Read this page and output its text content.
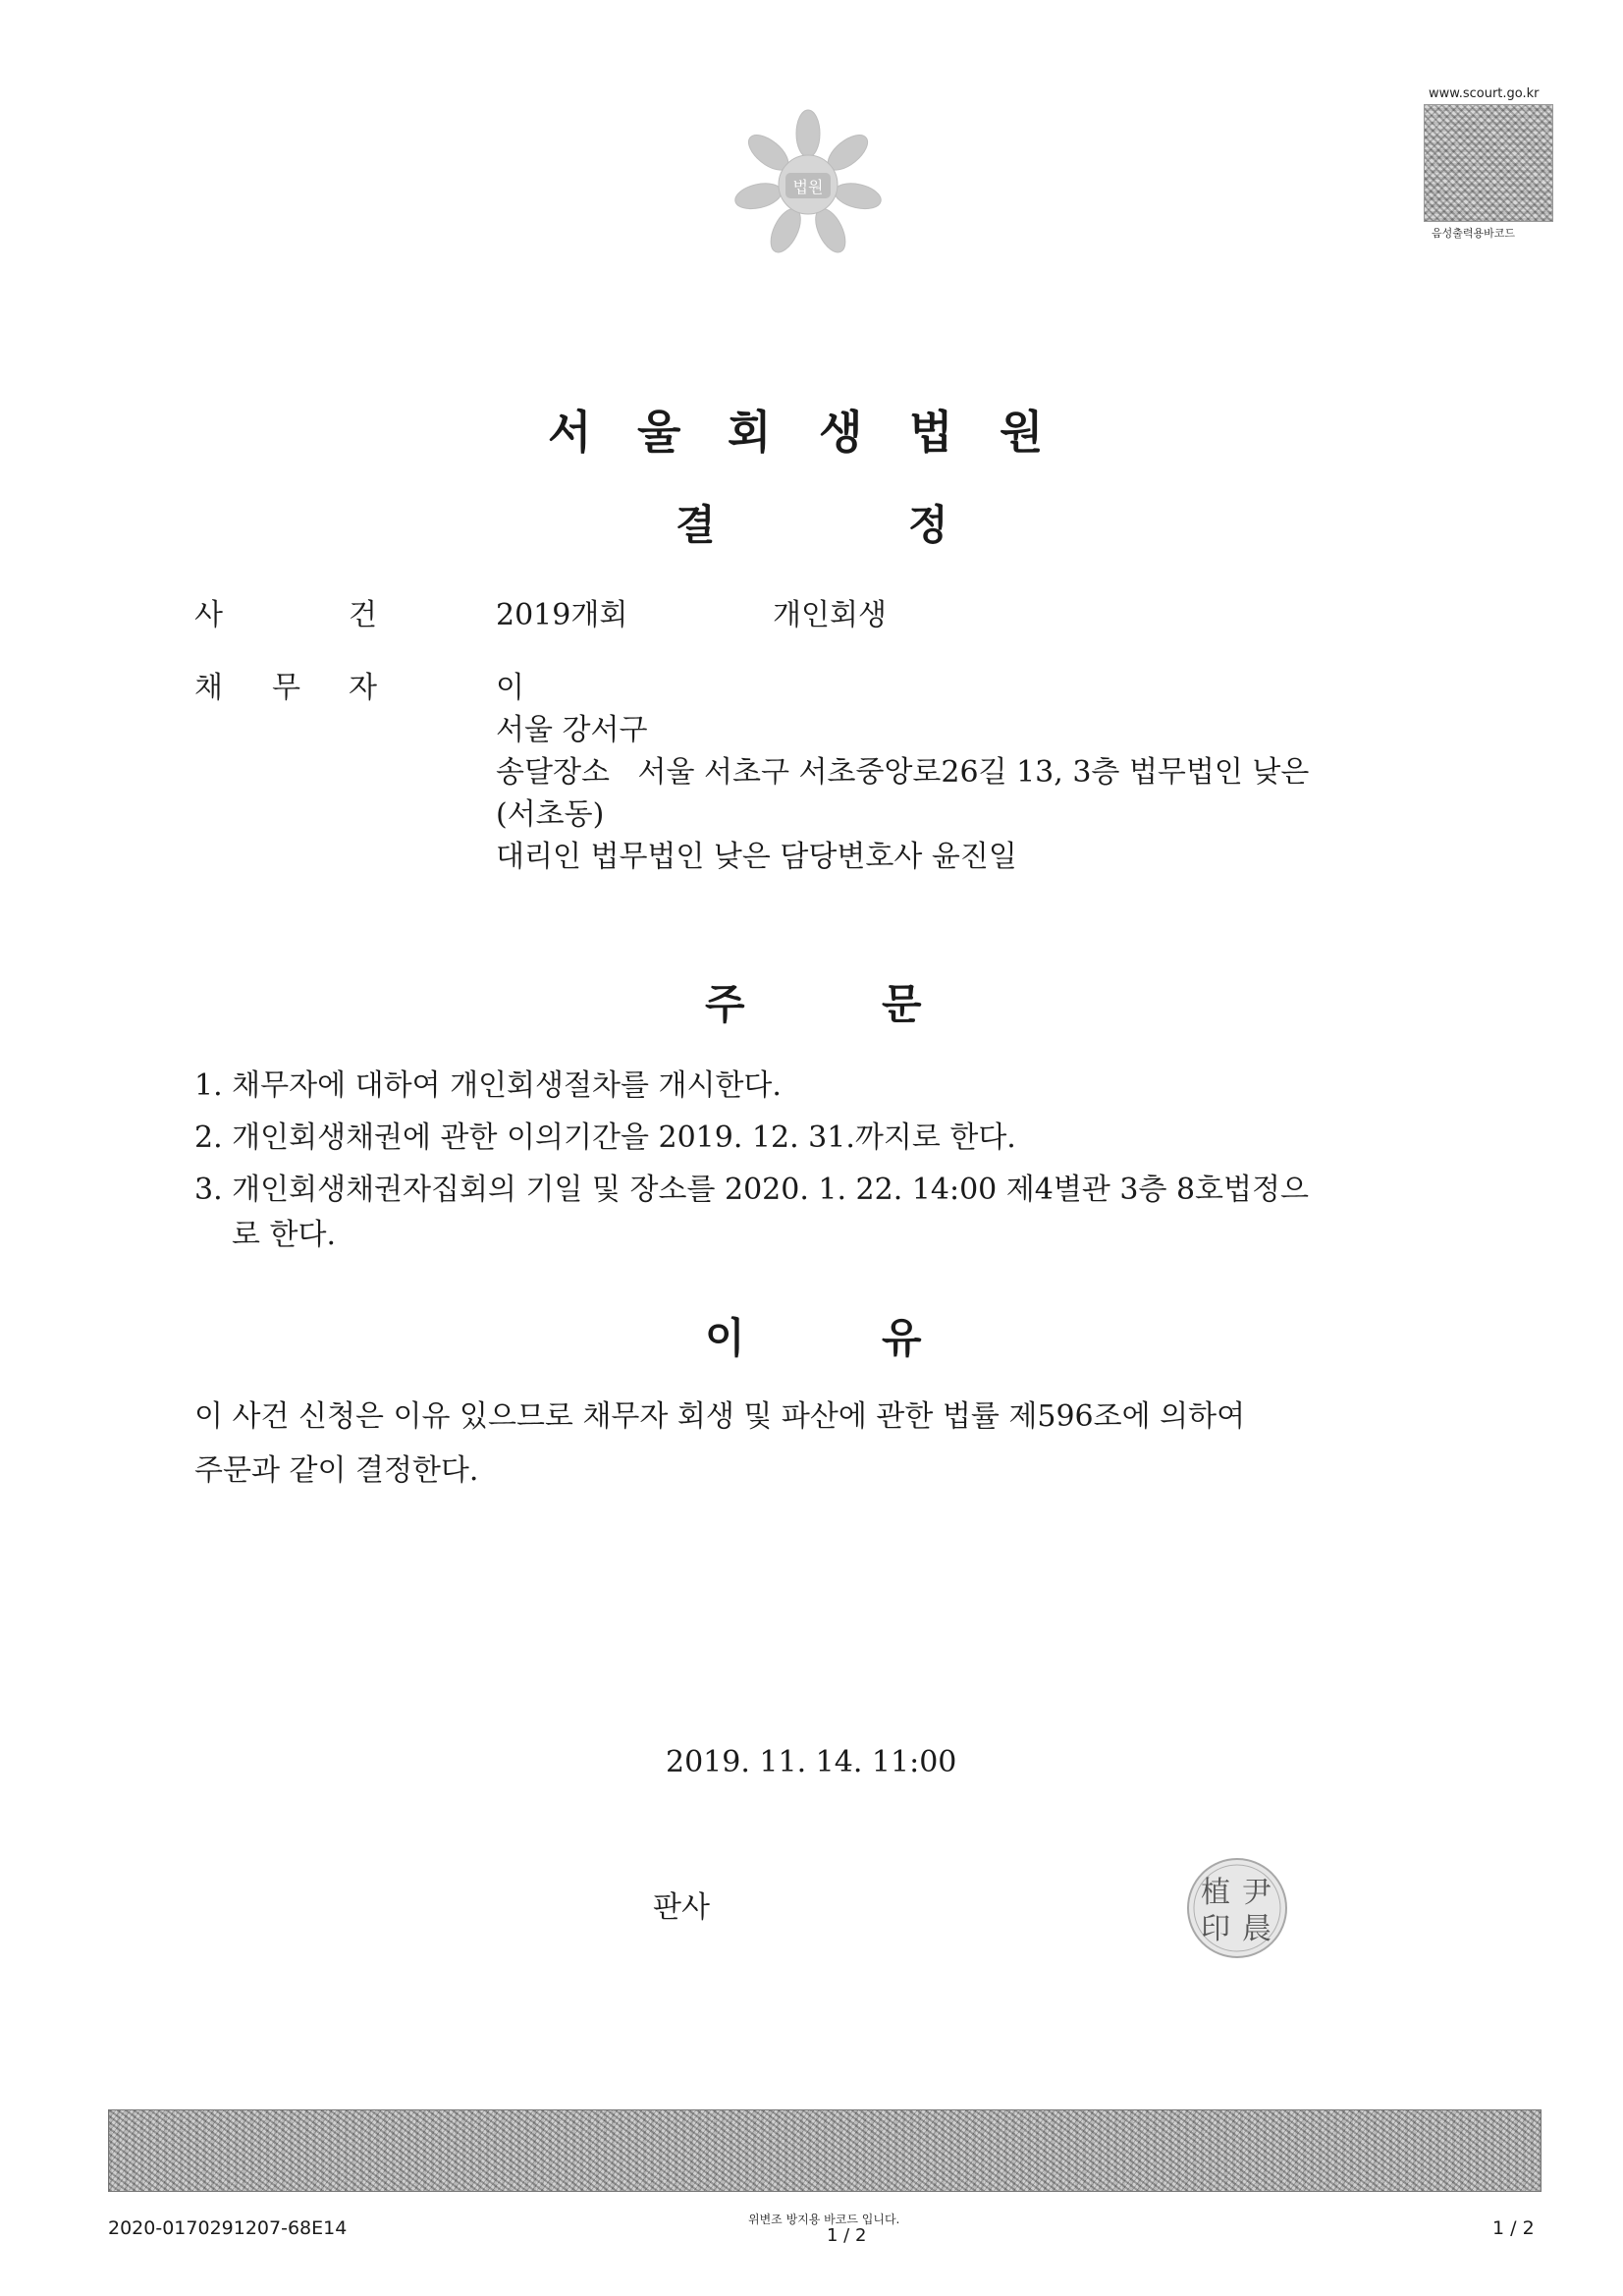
법원
www.scourt.go.kr
음성출력용바코드
서 울 회 생 법 원
결	정
사	건	2019개회	개인회생
채 무 자	이
서울 강서구
송달장소   서울 서초구 서초중앙로26길 13, 3층 법무법인 낮은
(서초동)
대리인 법무법인 낮은 담당변호사 윤진일
주	문
1. 채무자에 대하여 개인회생절차를 개시한다.
2. 개인회생채권에 관한 이의기간을 2019. 12. 31.까지로 한다.
3. 개인회생채권자집회의 기일 및 장소를 2020. 1. 22. 14:00 제4별관 3층 8호법정으
로 한다.
이	유
이 사건 신청은 이유 있으므로 채무자 회생 및 파산에 관한 법률 제596조에 의하여
주문과 같이 결정한다.
2019. 11. 14. 11:00
판사	植 尹
印 晨
2020-0170291207-68E14	위변조 방지용 바코드 입니다.
1 / 2	1 / 2
